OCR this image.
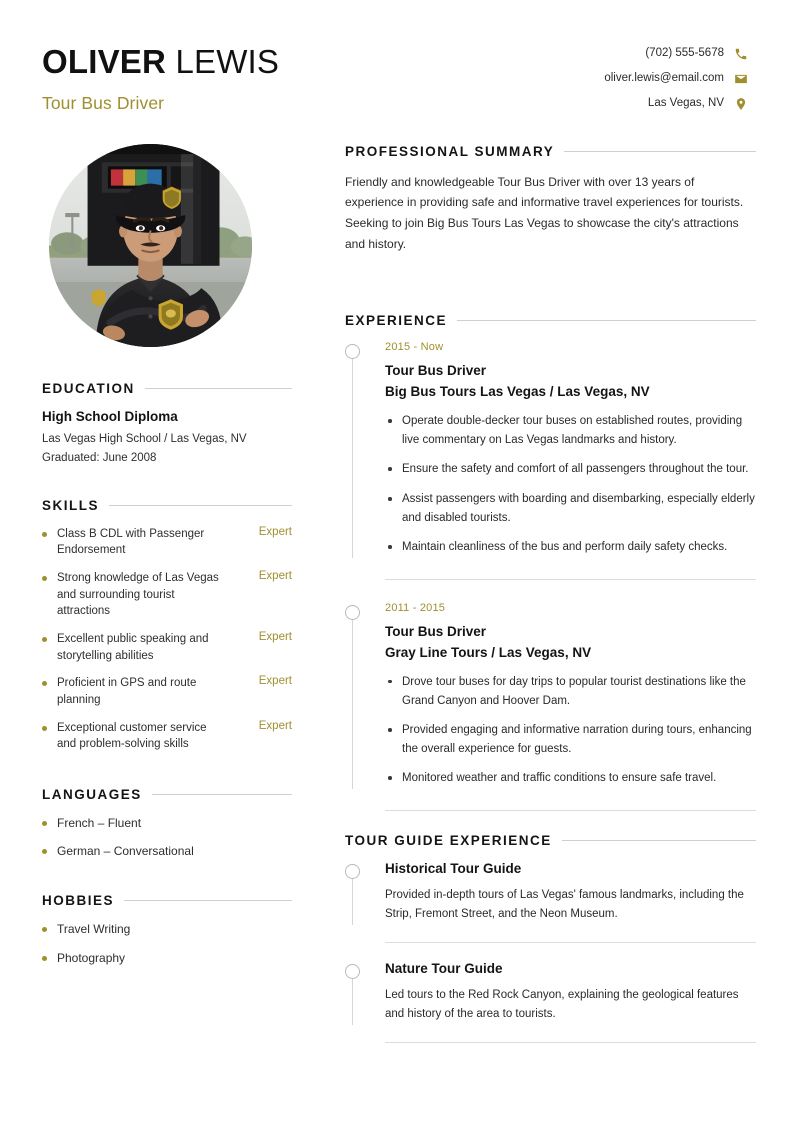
OLIVER LEWIS
Tour Bus Driver
(702) 555-5678
oliver.lewis@email.com
Las Vegas, NV
EDUCATION
High School Diploma
Las Vegas High School / Las Vegas, NV
Graduated: June 2008
SKILLS
Class B CDL with Passenger Endorsement
Expert
Strong knowledge of Las Vegas and surrounding tourist attractions
Expert
Excellent public speaking and storytelling abilities
Expert
Proficient in GPS and route planning
Expert
Exceptional customer service and problem-solving skills
Expert
LANGUAGES
French – Fluent
German – Conversational
HOBBIES
Travel Writing
Photography
PROFESSIONAL SUMMARY
Friendly and knowledgeable Tour Bus Driver with over 13 years of experience in providing safe and informative travel experiences for tourists. Seeking to join Big Bus Tours Las Vegas to showcase the city's attractions and history.
EXPERIENCE
2015 - Now
Tour Bus Driver
Big Bus Tours Las Vegas / Las Vegas, NV
Operate double-decker tour buses on established routes, providing live commentary on Las Vegas landmarks and history.
Ensure the safety and comfort of all passengers throughout the tour.
Assist passengers with boarding and disembarking, especially elderly and disabled tourists.
Maintain cleanliness of the bus and perform daily safety checks.
2011 - 2015
Tour Bus Driver
Gray Line Tours / Las Vegas, NV
Drove tour buses for day trips to popular tourist destinations like the Grand Canyon and Hoover Dam.
Provided engaging and informative narration during tours, enhancing the overall experience for guests.
Monitored weather and traffic conditions to ensure safe travel.
TOUR GUIDE EXPERIENCE
Historical Tour Guide
Provided in-depth tours of Las Vegas' famous landmarks, including the Strip, Fremont Street, and the Neon Museum.
Nature Tour Guide
Led tours to the Red Rock Canyon, explaining the geological features and history of the area to tourists.
